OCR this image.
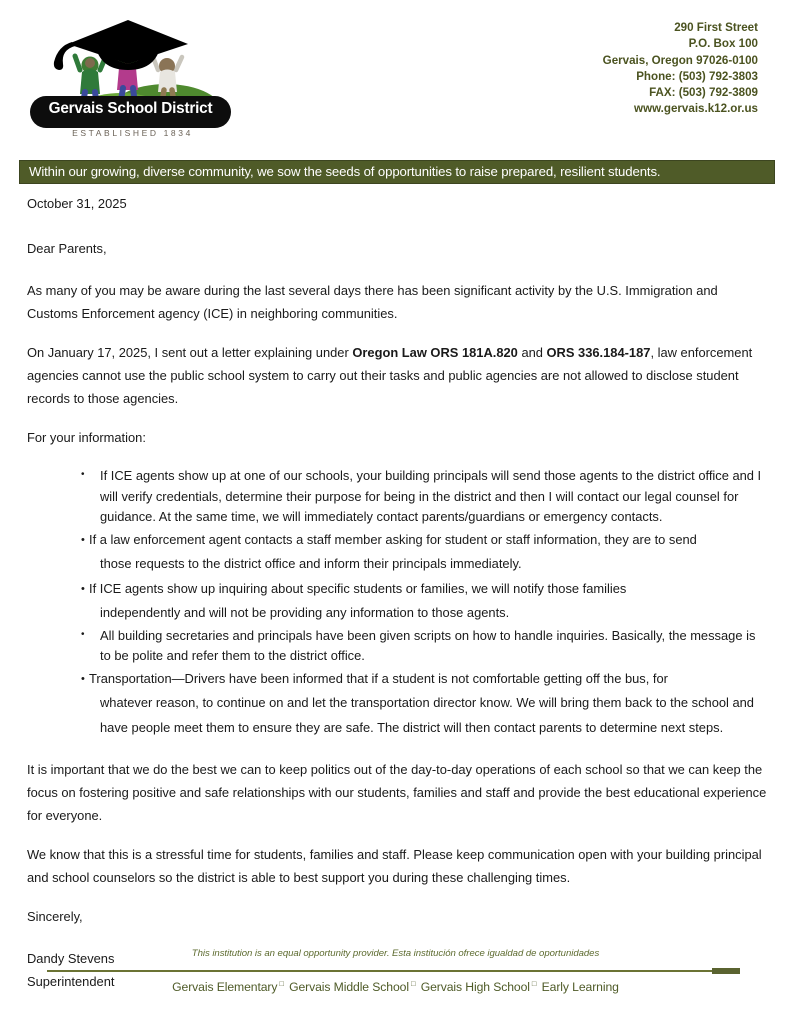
Gervais School District
ESTABLISHED 1834
290 First Street
P.O. Box 100
Gervais, Oregon 97026-0100
Phone: (503) 792-3803
FAX: (503) 792-3809
www.gervais.k12.or.us
Within our growing, diverse community, we sow the seeds of opportunities to raise prepared, resilient students.

October 31, 2025

Dear Parents,

As many of you may be aware during the last several days there has been significant activity by the U.S. Immigration and Customs Enforcement agency (ICE) in neighboring communities.

On January 17, 2025, I sent out a letter explaining under Oregon Law ORS 181A.820 and ORS 336.184-187, law enforcement agencies cannot use the public school system to carry out their tasks and public agencies are not allowed to disclose student records to those agencies.

For your information:

• If ICE agents show up at one of our schools, your building principals will send those agents to the district office and I will verify credentials, determine their purpose for being in the district and then I will contact our legal counsel for guidance. At the same time, we will immediately contact parents/guardians or emergency contacts.
• If a law enforcement agent contacts a staff member asking for student or staff information, they are to send
those requests to the district office and inform their principals immediately.
• If ICE agents show up inquiring about specific students or families, we will notify those families
independently and will not be providing any information to those agents.
• All building secretaries and principals have been given scripts on how to handle inquiries. Basically, the message is to be polite and refer them to the district office.
• Transportation—Drivers have been informed that if a student is not comfortable getting off the bus, for
whatever reason, to continue on and let the transportation director know. We will bring them back to the school and have people meet them to ensure they are safe. The district will then contact parents to determine next steps.

It is important that we do the best we can to keep politics out of the day-to-day operations of each school so that we can keep the focus on fostering positive and safe relationships with our students, families and staff and provide the best educational experience for everyone.

We know that this is a stressful time for students, families and staff. Please keep communication open with your building principal and school counselors so the district is able to best support you during these challenging times.

Sincerely,

Dandy Stevens

Superintendent

This institution is an equal opportunity provider. Esta institución ofrece igualdad de oportunidades
Gervais Elementary □ Gervais Middle School □ Gervais High School □ Early Learning
